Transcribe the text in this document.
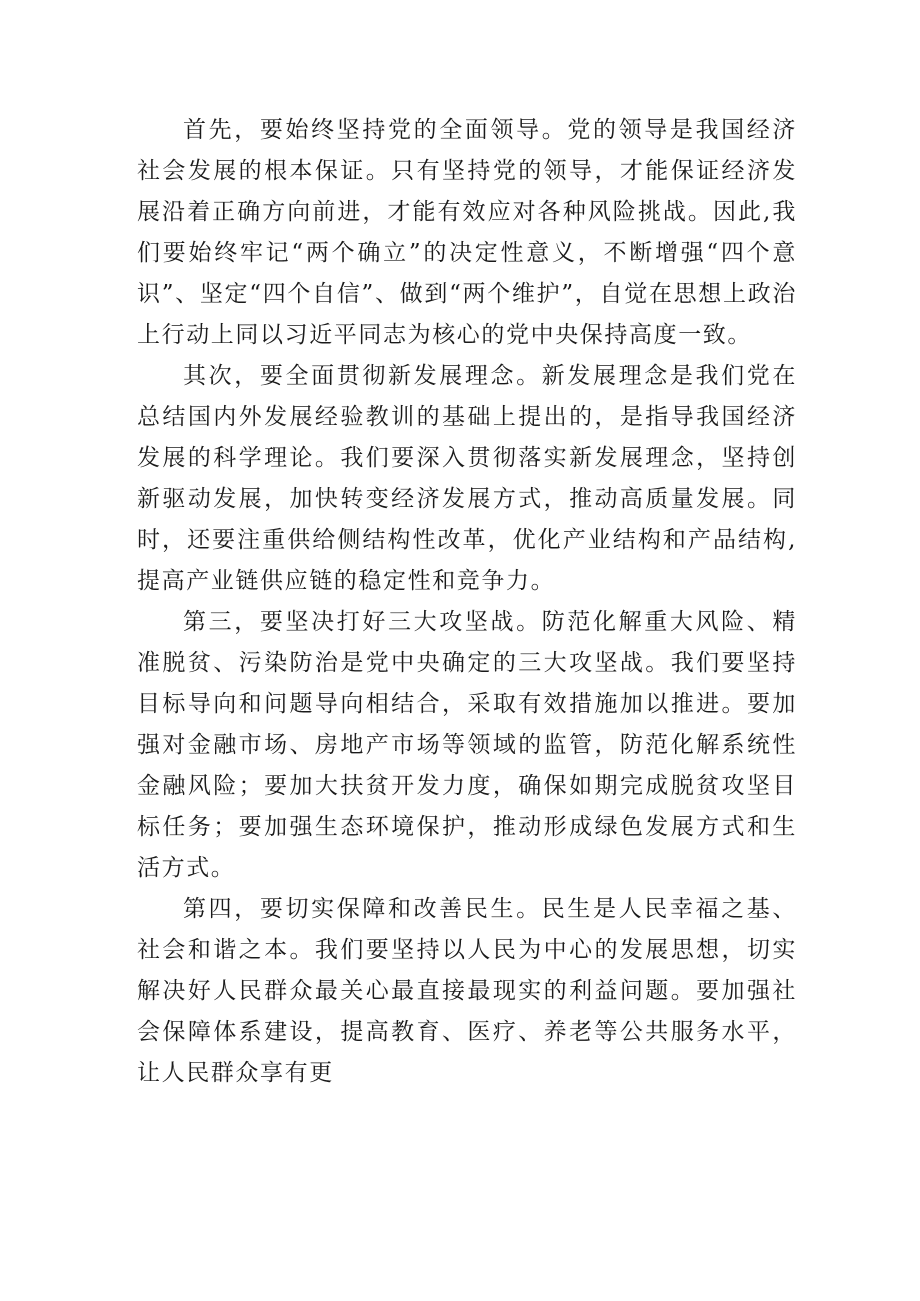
首先，要始终坚持党的全面领导。党的领导是我国经济社会发展的根本保证。只有坚持党的领导，才能保证经济发展沿着正确方向前进，才能有效应对各种风险挑战。因此,我们要始终牢记“两个确立”的决定性意义，不断增强“四个意识”、坚定“四个自信”、做到“两个维护”，自觉在思想上政治上行动上同以习近平同志为核心的党中央保持高度一致。

其次，要全面贯彻新发展理念。新发展理念是我们党在总结国内外发展经验教训的基础上提出的，是指导我国经济发展的科学理论。我们要深入贯彻落实新发展理念，坚持创新驱动发展，加快转变经济发展方式，推动高质量发展。同时，还要注重供给侧结构性改革，优化产业结构和产品结构,提高产业链供应链的稳定性和竞争力。

第三，要坚决打好三大攻坚战。防范化解重大风险、精准脱贫、污染防治是党中央确定的三大攻坚战。我们要坚持目标导向和问题导向相结合，采取有效措施加以推进。要加强对金融市场、房地产市场等领域的监管，防范化解系统性金融风险；要加大扶贫开发力度，确保如期完成脱贫攻坚目标任务；要加强生态环境保护，推动形成绿色发展方式和生活方式。

第四，要切实保障和改善民生。民生是人民幸福之基、社会和谐之本。我们要坚持以人民为中心的发展思想，切实解决好人民群众最关心最直接最现实的利益问题。要加强社会保障体系建设，提高教育、医疗、养老等公共服务水平，让人民群众享有更
